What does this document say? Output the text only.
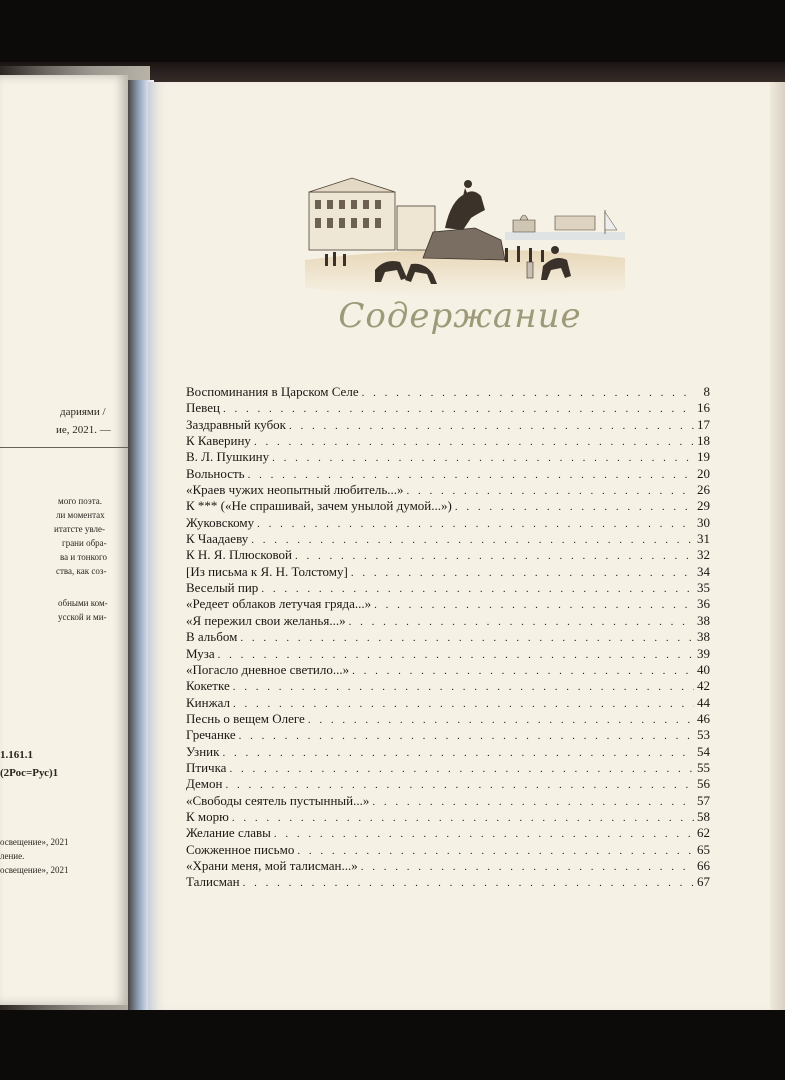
дариями /
ие, 2021. —
мого поэта.
ли моментах
итатсте увле-
грани обра-
ва и тонкого
ства, как соз-
обными ком-
усской и ми-
1.161.1
(2Рос=Рус)1
освещение», 2021
ление.
освещение», 2021
Содержание
Воспоминания в Царском Селе . . .	8
Певец . . .	16
Заздравный кубок . . .	17
К Каверину . . .	18
В. Л. Пушкину . . .	19
Вольность . . .	20
«Краев чужих неопытный любитель...» . . .	26
К *** («Не спрашивай, зачем унылой думой...») . . .	29
Жуковскому . . .	30
К Чаадаеву . . .	31
К Н. Я. Плюсковой . . .	32
[Из письма к Я. Н. Толстому] . . .	34
Веселый пир . . .	35
«Редеет облаков летучая гряда...» . . .	36
«Я пережил свои желанья...» . . .	38
В альбом . . .	38
Муза . . .	39
«Погасло дневное светило...» . . .	40
Кокетке . . .	42
Кинжал . . .	44
Песнь о вещем Олеге . . .	46
Гречанке . . .	53
Узник . . .	54
Птичка . . .	55
Демон . . .	56
«Свободы сеятель пустынный...» . . .	57
К морю . . .	58
Желание славы . . .	62
Сожженное письмо . . .	65
«Храни меня, мой талисман...» . . .	66
Талисман . . .	67
